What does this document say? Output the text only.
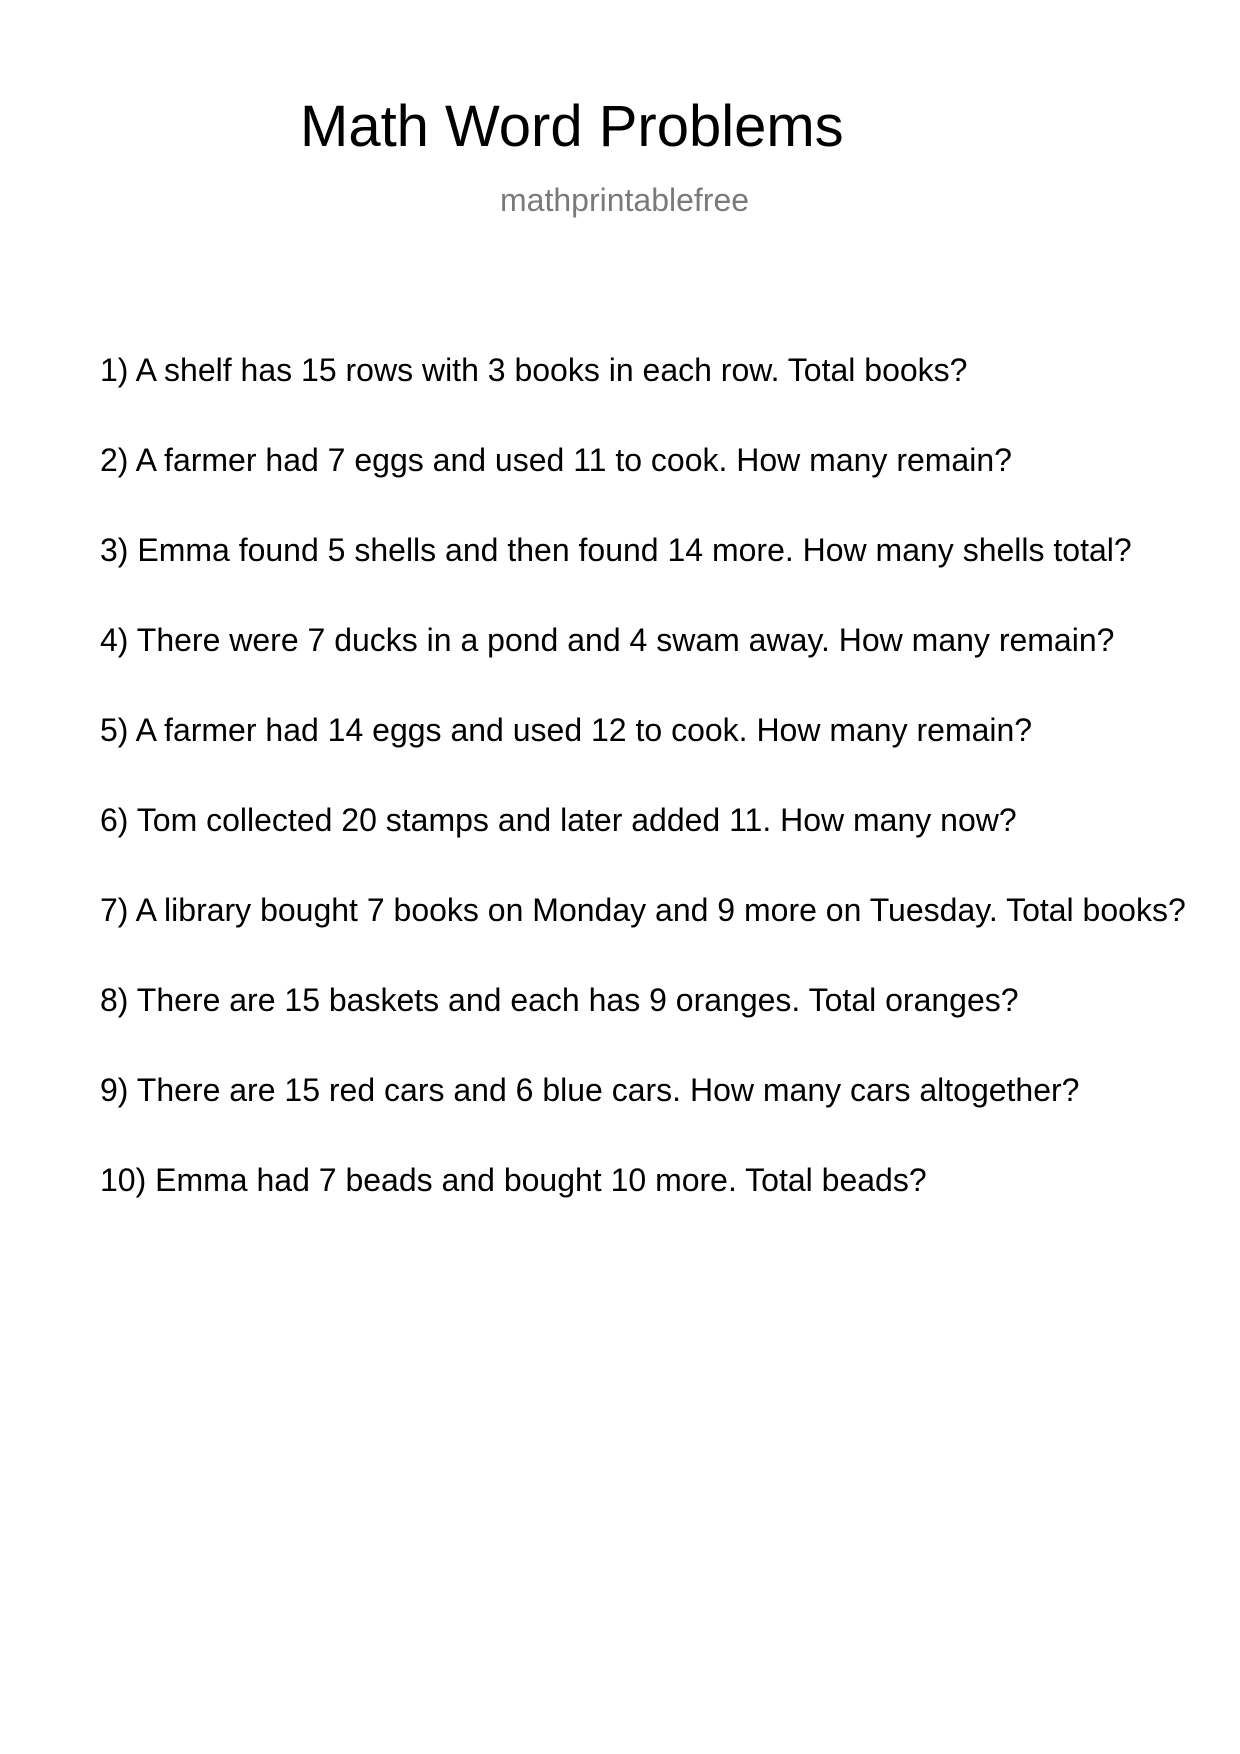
Math Word Problems
mathprintablefree
1) A shelf has 15 rows with 3 books in each row. Total books?
2) A farmer had 7 eggs and used 11 to cook. How many remain?
3) Emma found 5 shells and then found 14 more. How many shells total?
4) There were 7 ducks in a pond and 4 swam away. How many remain?
5) A farmer had 14 eggs and used 12 to cook. How many remain?
6) Tom collected 20 stamps and later added 11. How many now?
7) A library bought 7 books on Monday and 9 more on Tuesday. Total books?
8) There are 15 baskets and each has 9 oranges. Total oranges?
9) There are 15 red cars and 6 blue cars. How many cars altogether?
10) Emma had 7 beads and bought 10 more. Total beads?
